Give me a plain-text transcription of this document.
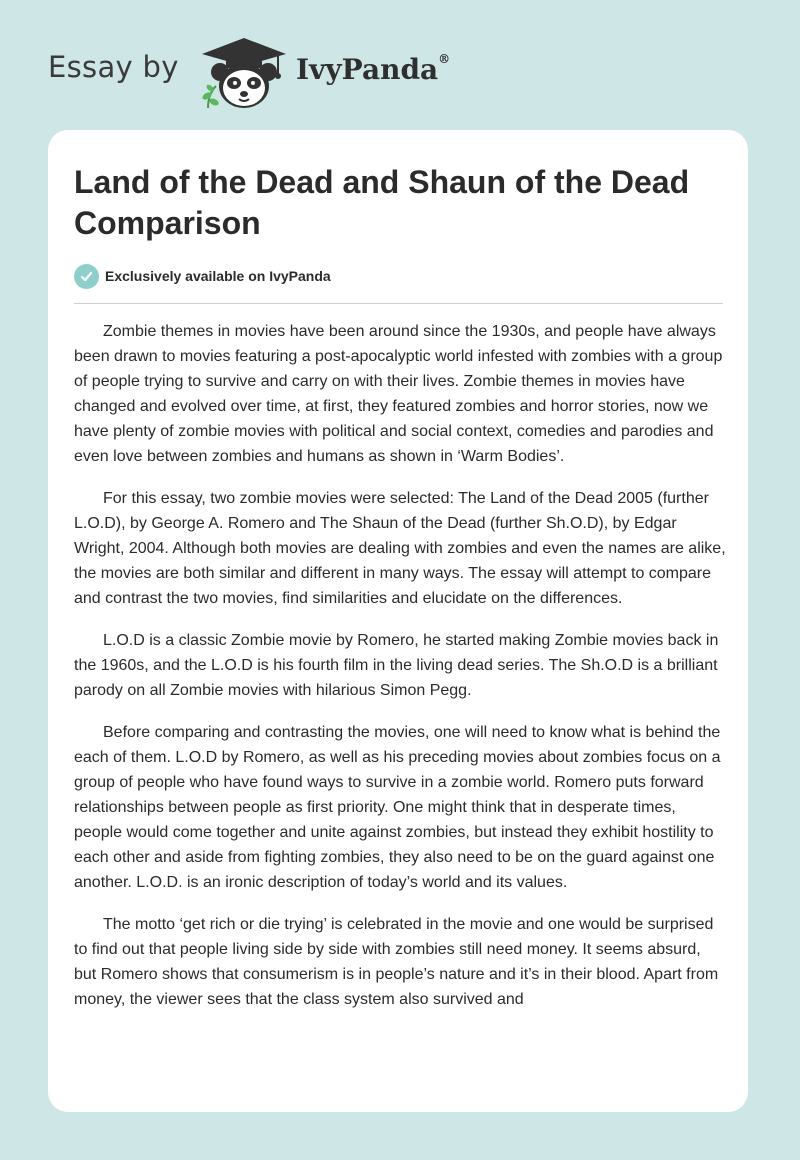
Essay by	IvyPanda®
Land of the Dead and Shaun of the Dead Comparison
Exclusively available on IvyPanda

Zombie themes in movies have been around since the 1930s, and people have always been drawn to movies featuring a post-apocalyptic world infested with zombies with a group of people trying to survive and carry on with their lives. Zombie themes in movies have changed and evolved over time, at first, they featured zombies and horror stories, now we have plenty of zombie movies with political and social context, comedies and parodies and even love between zombies and humans as shown in ‘Warm Bodies’.

For this essay, two zombie movies were selected: The Land of the Dead 2005 (further L.O.D), by George A. Romero and The Shaun of the Dead (further Sh.O.D), by Edgar Wright, 2004. Although both movies are dealing with zombies and even the names are alike, the movies are both similar and different in many ways. The essay will attempt to compare and contrast the two movies, find similarities and elucidate on the differences.

L.O.D is a classic Zombie movie by Romero, he started making Zombie movies back in the 1960s, and the L.O.D is his fourth film in the living dead series. The Sh.O.D is a brilliant parody on all Zombie movies with hilarious Simon Pegg.

Before comparing and contrasting the movies, one will need to know what is behind the each of them. L.O.D by Romero, as well as his preceding movies about zombies focus on a group of people who have found ways to survive in a zombie world. Romero puts forward relationships between people as first priority. One might think that in desperate times, people would come together and unite against zombies, but instead they exhibit hostility to each other and aside from fighting zombies, they also need to be on the guard against one another. L.O.D. is an ironic description of today’s world and its values.

The motto ‘get rich or die trying’ is celebrated in the movie and one would be surprised to find out that people living side by side with zombies still need money. It seems absurd, but Romero shows that consumerism is in people’s nature and it’s in their blood. Apart from money, the viewer sees that the class system also survived and
